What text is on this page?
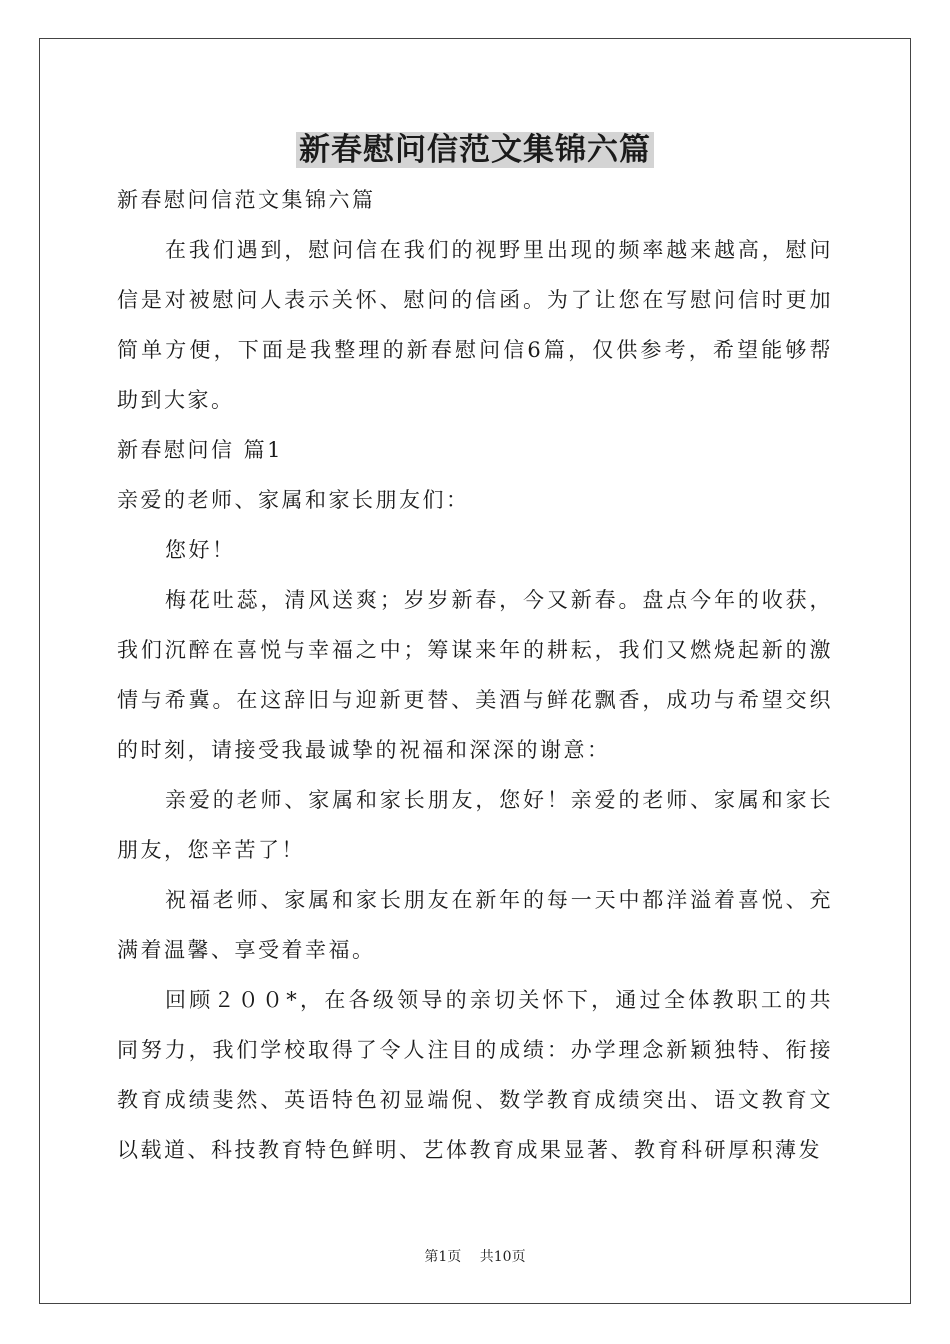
新春慰问信范文集锦六篇

新春慰问信范文集锦六篇

在我们遇到，慰问信在我们的视野里出现的频率越来越高，慰问信是对被慰问人表示关怀、慰问的信函。为了让您在写慰问信时更加简单方便，下面是我整理的新春慰问信6篇，仅供参考，希望能够帮助到大家。

新春慰问信 篇1

亲爱的老师、家属和家长朋友们：

您好！

梅花吐蕊，清风送爽；岁岁新春，今又新春。盘点今年的收获，我们沉醉在喜悦与幸福之中；筹谋来年的耕耘，我们又燃烧起新的激情与希冀。在这辞旧与迎新更替、美酒与鲜花飘香，成功与希望交织的时刻，请接受我最诚挚的祝福和深深的谢意：

亲爱的老师、家属和家长朋友，您好！亲爱的老师、家属和家长朋友，您辛苦了！

祝福老师、家属和家长朋友在新年的每一天中都洋溢着喜悦、充满着温馨、享受着幸福。

回顾２００*，在各级领导的亲切关怀下，通过全体教职工的共同努力，我们学校取得了令人注目的成绩：办学理念新颖独特、衔接教育成绩斐然、英语特色初显端倪、数学教育成绩突出、语文教育文以载道、科技教育特色鲜明、艺体教育成果显著、教育科研厚积薄发

第1页 共10页
